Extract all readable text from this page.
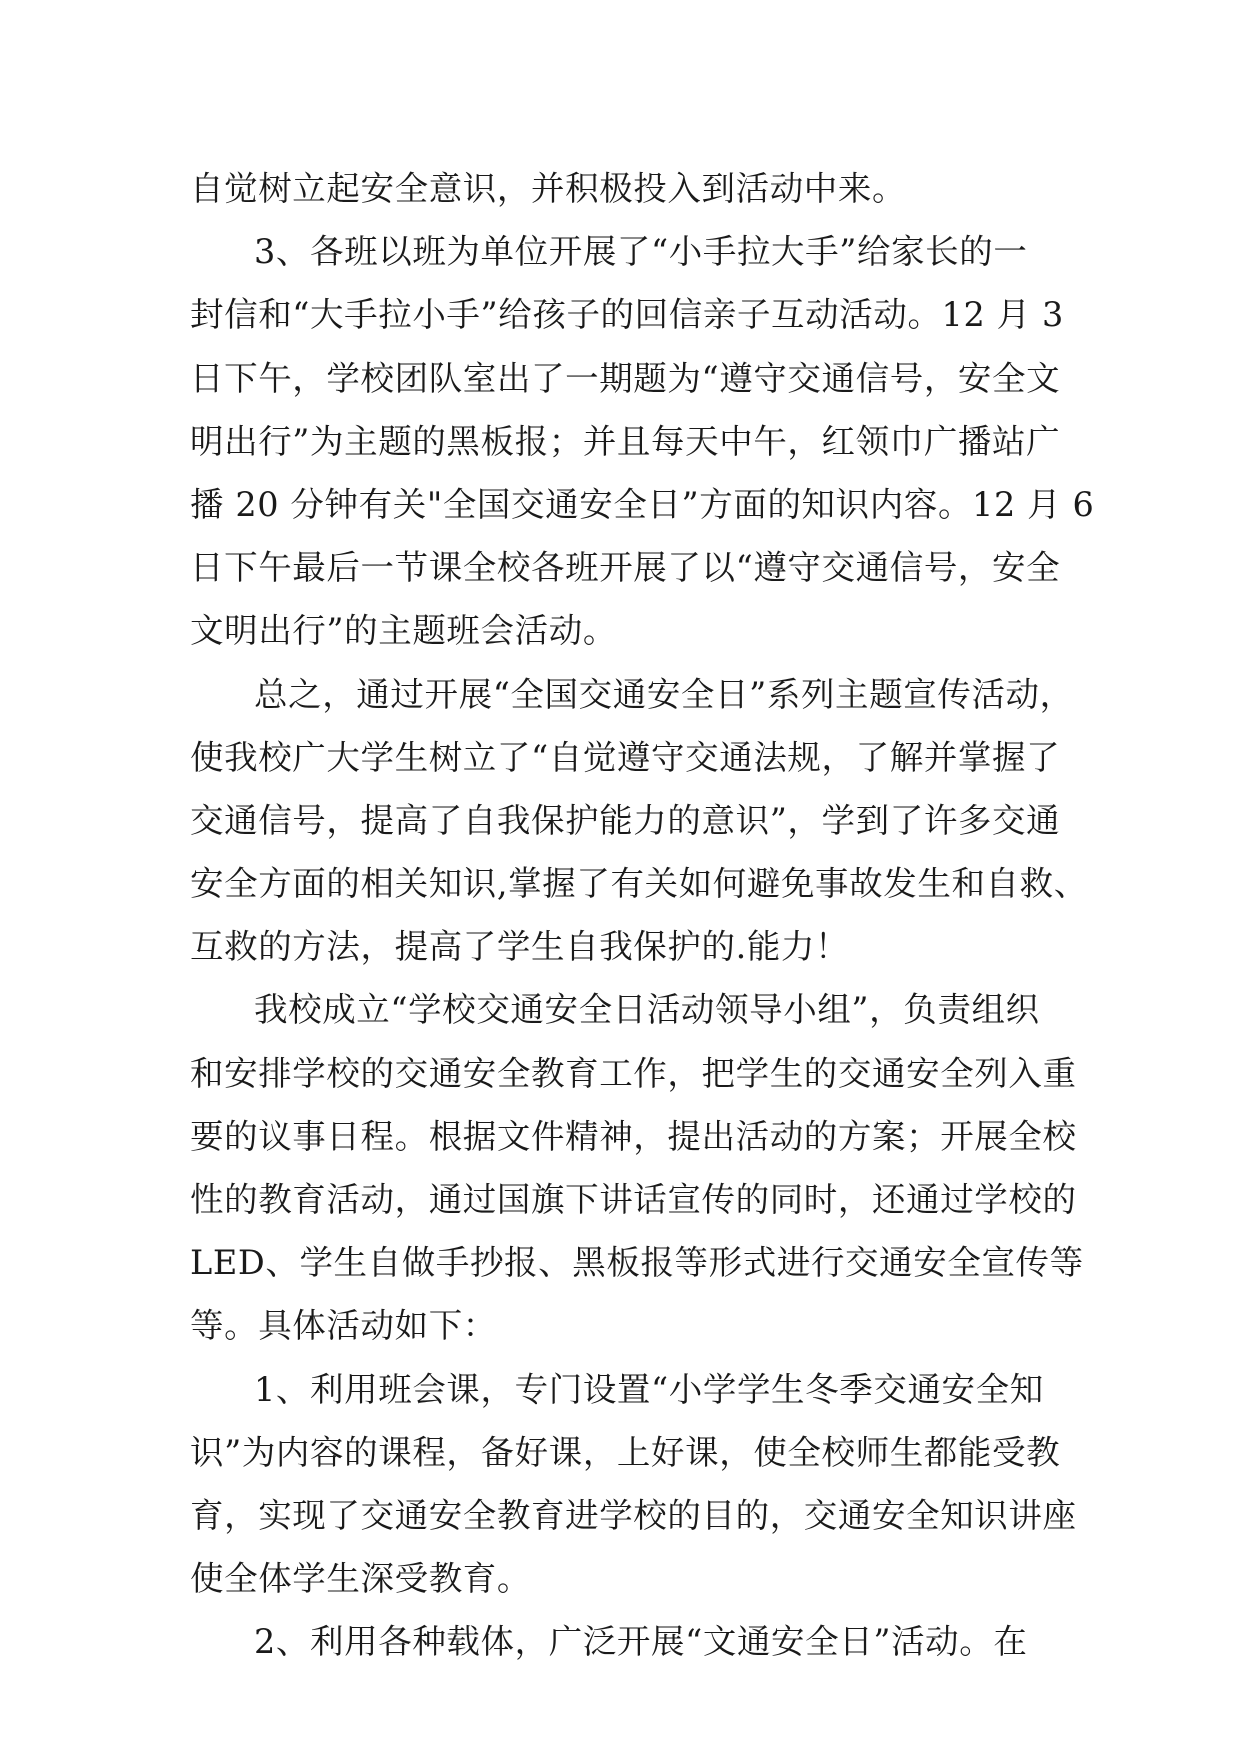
自觉树立起安全意识，并积极投入到活动中来。
3、各班以班为单位开展了“小手拉大手”给家长的一
封信和“大手拉小手”给孩子的回信亲子互动活动。12 月 3
日下午，学校团队室出了一期题为“遵守交通信号，安全文
明出行”为主题的黑板报；并且每天中午，红领巾广播站广
播 20 分钟有关"全国交通安全日”方面的知识内容。12 月 6
日下午最后一节课全校各班开展了以“遵守交通信号，安全
文明出行”的主题班会活动。
总之，通过开展“全国交通安全日”系列主题宣传活动，
使我校广大学生树立了“自觉遵守交通法规，了解并掌握了
交通信号，提高了自我保护能力的意识”，学到了许多交通
安全方面的相关知识,掌握了有关如何避免事故发生和自救、
互救的方法，提高了学生自我保护的.能力！
我校成立“学校交通安全日活动领导小组”，负责组织
和安排学校的交通安全教育工作，把学生的交通安全列入重
要的议事日程。根据文件精神，提出活动的方案；开展全校
性的教育活动，通过国旗下讲话宣传的同时，还通过学校的
LED、学生自做手抄报、黑板报等形式进行交通安全宣传等
等。具体活动如下：
1、利用班会课，专门设置“小学学生冬季交通安全知
识”为内容的课程，备好课，上好课，使全校师生都能受教
育，实现了交通安全教育进学校的目的，交通安全知识讲座
使全体学生深受教育。
2、利用各种载体，广泛开展“文通安全日”活动。在
